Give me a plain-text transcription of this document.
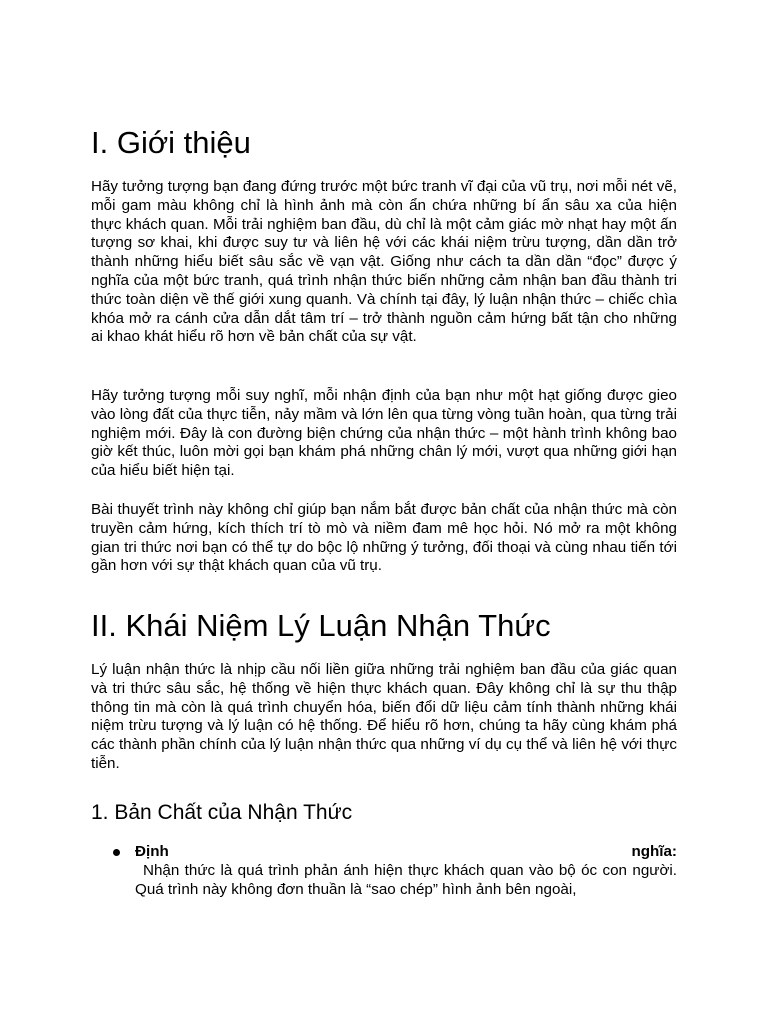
I. Giới thiệu

Hãy tưởng tượng bạn đang đứng trước một bức tranh vĩ đại của vũ trụ, nơi mỗi nét vẽ, mỗi gam màu không chỉ là hình ảnh mà còn ẩn chứa những bí ẩn sâu xa của hiện thực khách quan. Mỗi trải nghiệm ban đầu, dù chỉ là một cảm giác mờ nhạt hay một ấn tượng sơ khai, khi được suy tư và liên hệ với các khái niệm trừu tượng, dần dần trở thành những hiểu biết sâu sắc về vạn vật. Giống như cách ta dần dần “đọc” được ý nghĩa của một bức tranh, quá trình nhận thức biến những cảm nhận ban đầu thành tri thức toàn diện về thế giới xung quanh. Và chính tại đây, lý luận nhận thức – chiếc chìa khóa mở ra cánh cửa dẫn dắt tâm trí – trở thành nguồn cảm hứng bất tận cho những ai khao khát hiểu rõ hơn về bản chất của sự vật.

Hãy tưởng tượng mỗi suy nghĩ, mỗi nhận định của bạn như một hạt giống được gieo vào lòng đất của thực tiễn, nảy mầm và lớn lên qua từng vòng tuần hoàn, qua từng trải nghiệm mới. Đây là con đường biện chứng của nhận thức – một hành trình không bao giờ kết thúc, luôn mời gọi bạn khám phá những chân lý mới, vượt qua những giới hạn của hiểu biết hiện tại.

Bài thuyết trình này không chỉ giúp bạn nắm bắt được bản chất của nhận thức mà còn truyền cảm hứng, kích thích trí tò mò và niềm đam mê học hỏi. Nó mở ra một không gian tri thức nơi bạn có thể tự do bộc lộ những ý tưởng, đối thoại và cùng nhau tiến tới gần hơn với sự thật khách quan của vũ trụ.

II. Khái Niệm Lý Luận Nhận Thức

Lý luận nhận thức là nhịp cầu nối liền giữa những trải nghiệm ban đầu của giác quan và tri thức sâu sắc, hệ thống về hiện thực khách quan. Đây không chỉ là sự thu thập thông tin mà còn là quá trình chuyển hóa, biến đổi dữ liệu cảm tính thành những khái niệm trừu tượng và lý luận có hệ thống. Để hiểu rõ hơn, chúng ta hãy cùng khám phá các thành phần chính của lý luận nhận thức qua những ví dụ cụ thể và liên hệ với thực tiễn.

1. Bản Chất của Nhận Thức
Định	nghĩa:
Nhận thức là quá trình phản ánh hiện thực khách quan vào bộ óc con người. Quá trình này không đơn thuần là “sao chép” hình ảnh bên ngoài,
